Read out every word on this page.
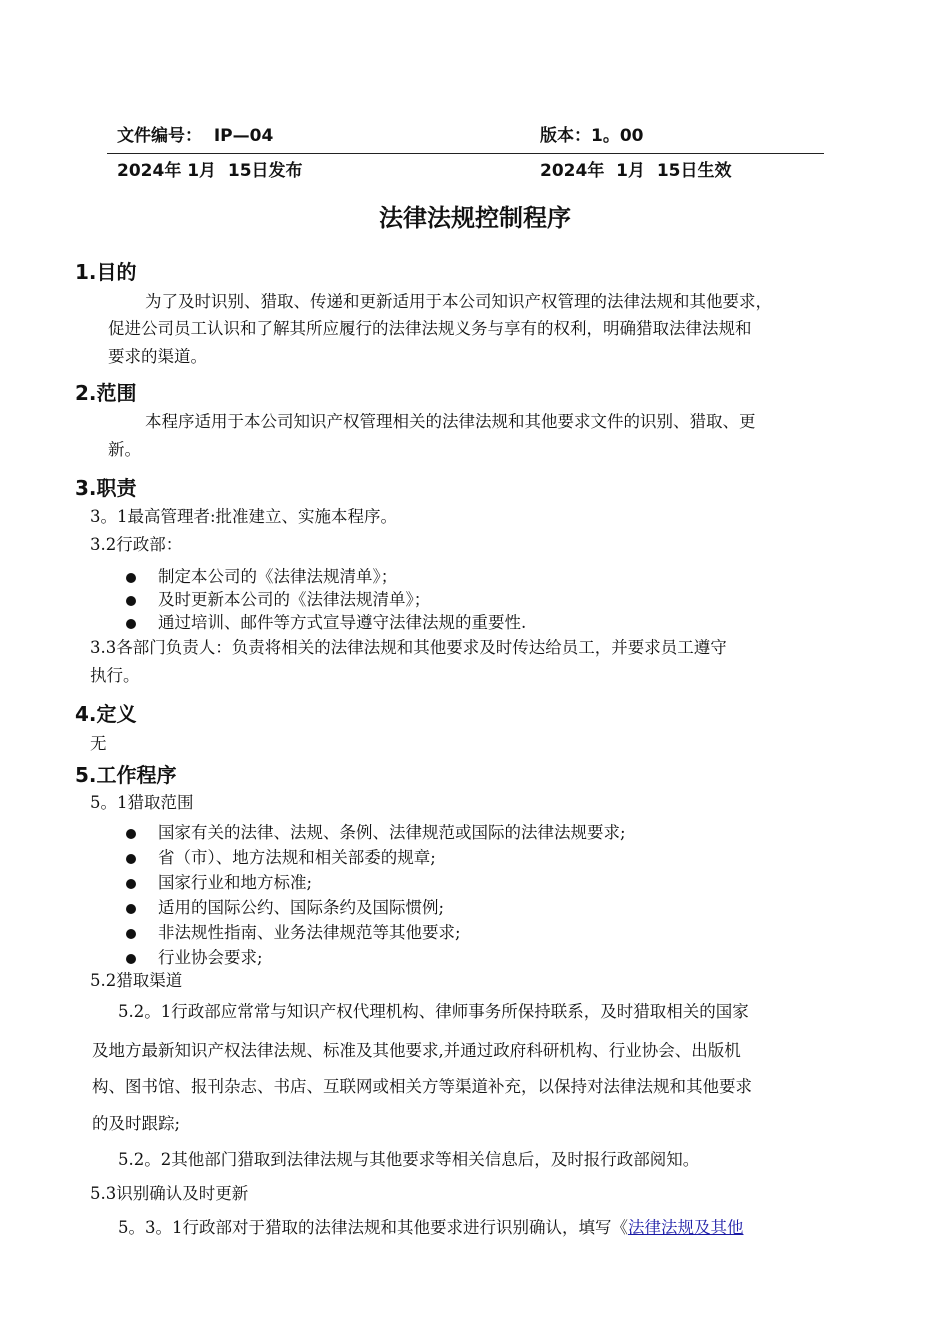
文件编号：  IP—04	版本：1。00
2024年 1月  15日发布	2024年  1月  15日生效
法律法规控制程序
1.目的
为了及时识别、猎取、传递和更新适用于本公司知识产权管理的法律法规和其他要求，
促进公司员工认识和了解其所应履行的法律法规义务与享有的权利，明确猎取法律法规和
要求的渠道。
2.范围
本程序适用于本公司知识产权管理相关的法律法规和其他要求文件的识别、猎取、更
新。
3.职责
3。1最高管理者:批准建立、实施本程序。
3.2行政部：
制定本公司的《法律法规清单》；
及时更新本公司的《法律法规清单》；
通过培训、邮件等方式宣导遵守法律法规的重要性.
3.3各部门负责人：负责将相关的法律法规和其他要求及时传达给员工，并要求员工遵守
执行。
4.定义
无
5.工作程序
5。1猎取范围
国家有关的法律、法规、条例、法律规范或国际的法律法规要求;
省（市）、地方法规和相关部委的规章;
国家行业和地方标准;
适用的国际公约、国际条约及国际惯例;
非法规性指南、业务法律规范等其他要求;
行业协会要求;
5.2猎取渠道
5.2。1行政部应常常与知识产权代理机构、律师事务所保持联系，及时猎取相关的国家
及地方最新知识产权法律法规、标准及其他要求,并通过政府科研机构、行业协会、出版机
构、图书馆、报刊杂志、书店、互联网或相关方等渠道补充，以保持对法律法规和其他要求
的及时跟踪;
5.2。2其他部门猎取到法律法规与其他要求等相关信息后，及时报行政部阅知。
5.3识别确认及时更新
5。3。1行政部对于猎取的法律法规和其他要求进行识别确认，填写《法律法规及其他
